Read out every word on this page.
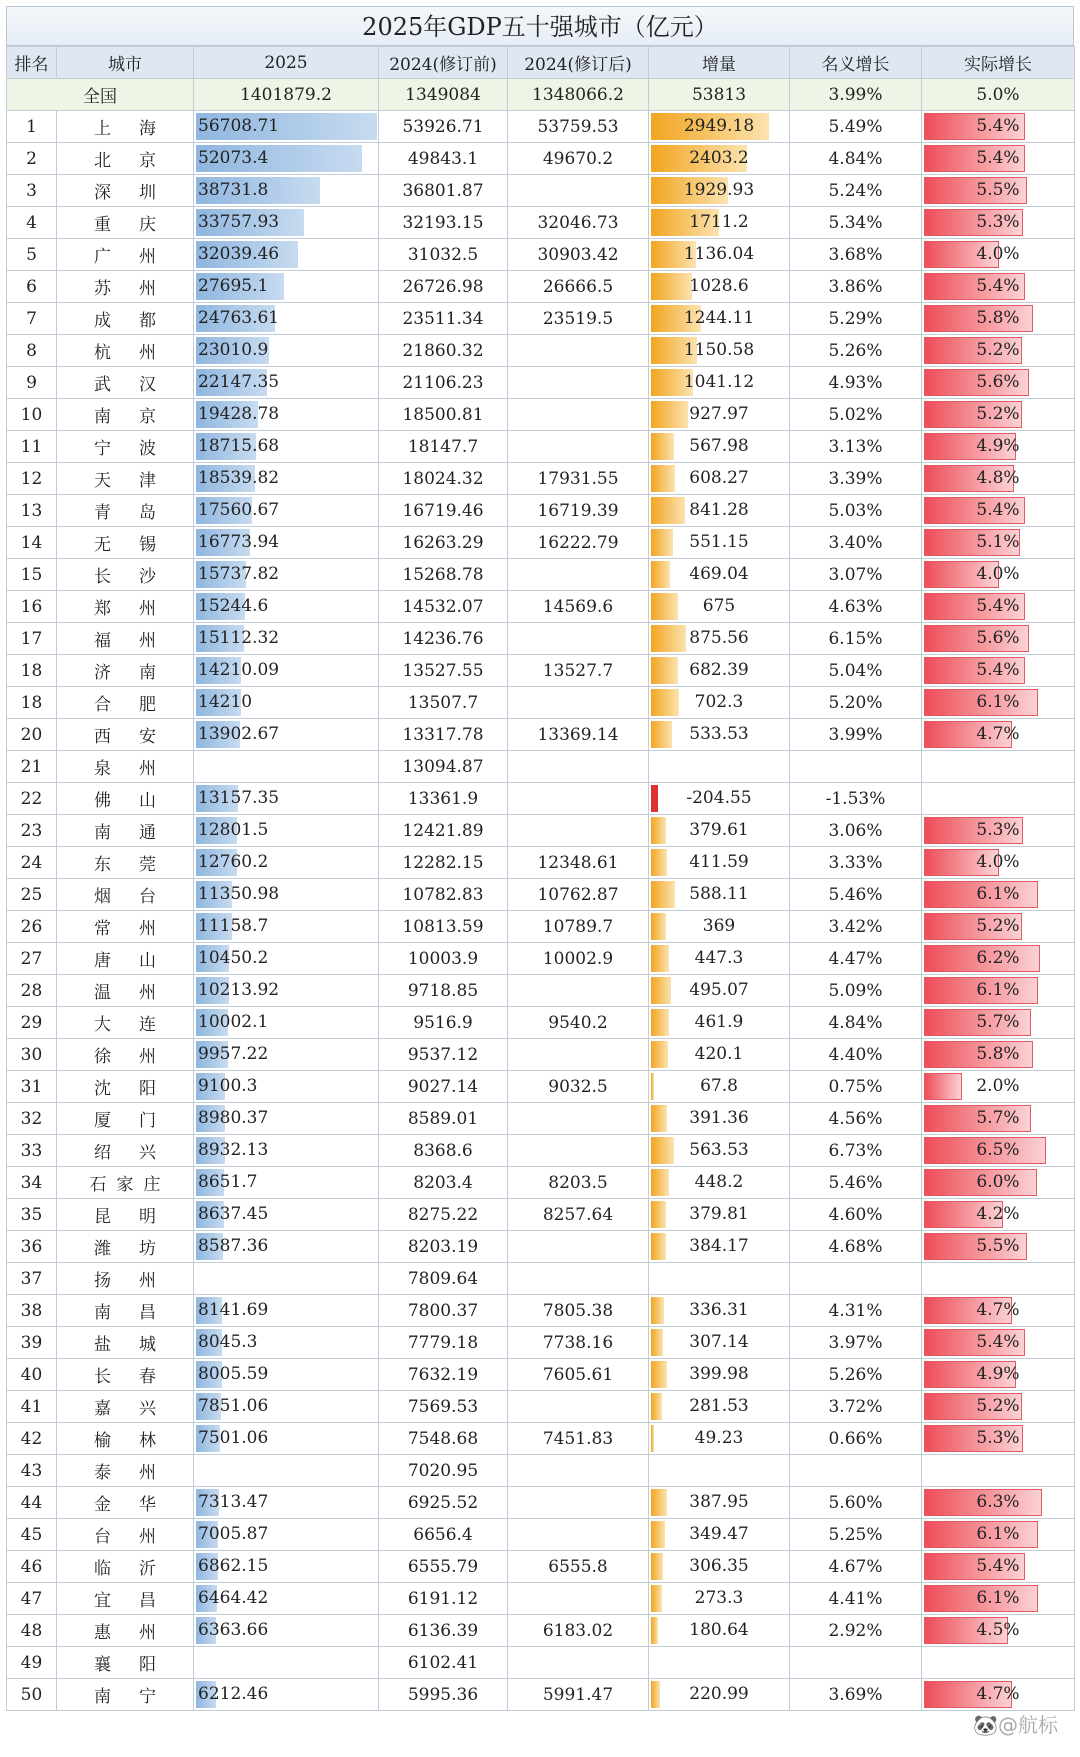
2025年GDP五十强城市（亿元）
排名	城市	2025	2024(修订前)	2024(修订后)	增量	名义增长	实际增长
全国		1401879.2	1349084	1348066.2	53813	3.99%	5.0%
1	上海	56708.71	53926.71	53759.53	2949.18	5.49%	5.4%

2	北京	52073.4	49843.1	49670.2	2403.2	4.84%	5.4%

3	深圳	38731.8	36801.87		1929.93	5.24%	5.5%

4	重庆	33757.93	32193.15	32046.73	1711.2	5.34%	5.3%

5	广州	32039.46	31032.5	30903.42	1136.04	3.68%	4.0%

6	苏州	27695.1	26726.98	26666.5	1028.6	3.86%	5.4%

7	成都	24763.61	23511.34	23519.5	1244.11	5.29%	5.8%

8	杭州	23010.9	21860.32		1150.58	5.26%	5.2%

9	武汉	22147.35	21106.23		1041.12	4.93%	5.6%

10	南京	19428.78	18500.81		927.97	5.02%	5.2%

11	宁波	18715.68	18147.7		567.98	3.13%	4.9%

12	天津	18539.82	18024.32	17931.55	608.27	3.39%	4.8%

13	青岛	17560.67	16719.46	16719.39	841.28	5.03%	5.4%

14	无锡	16773.94	16263.29	16222.79	551.15	3.40%	5.1%

15	长沙	15737.82	15268.78		469.04	3.07%	4.0%

16	郑州	15244.6	14532.07	14569.6	675	4.63%	5.4%

17	福州	15112.32	14236.76		875.56	6.15%	5.6%

18	济南	14210.09	13527.55	13527.7	682.39	5.04%	5.4%

18	合肥	14210	13507.7		702.3	5.20%	6.1%

20	西安	13902.67	13317.78	13369.14	533.53	3.99%	4.7%

21	泉州		13094.87		

22	佛山	13157.35	13361.9		-204.55	-1.53%	

23	南通	12801.5	12421.89		379.61	3.06%	5.3%

24	东莞	12760.2	12282.15	12348.61	411.59	3.33%	4.0%

25	烟台	11350.98	10782.83	10762.87	588.11	5.46%	6.1%

26	常州	11158.7	10813.59	10789.7	369	3.42%	5.2%

27	唐山	10450.2	10003.9	10002.9	447.3	4.47%	6.2%

28	温州	10213.92	9718.85		495.07	5.09%	6.1%

29	大连	10002.1	9516.9	9540.2	461.9	4.84%	5.7%

30	徐州	9957.22	9537.12		420.1	4.40%	5.8%

31	沈阳	9100.3	9027.14	9032.5	67.8	0.75%	2.0%

32	厦门	8980.37	8589.01		391.36	4.56%	5.7%

33	绍兴	8932.13	8368.6		563.53	6.73%	6.5%

34	石家庄	8651.7	8203.4	8203.5	448.2	5.46%	6.0%

35	昆明	8637.45	8275.22	8257.64	379.81	4.60%	4.2%

36	潍坊	8587.36	8203.19		384.17	4.68%	5.5%

37	扬州		7809.64		

38	南昌	8141.69	7800.37	7805.38	336.31	4.31%	4.7%

39	盐城	8045.3	7779.18	7738.16	307.14	3.97%	5.4%

40	长春	8005.59	7632.19	7605.61	399.98	5.26%	4.9%

41	嘉兴	7851.06	7569.53		281.53	3.72%	5.2%

42	榆林	7501.06	7548.68	7451.83	49.23	0.66%	5.3%

43	泰州		7020.95		

44	金华	7313.47	6925.52		387.95	5.60%	6.3%

45	台州	7005.87	6656.4		349.47	5.25%	6.1%

46	临沂	6862.15	6555.79	6555.8	306.35	4.67%	5.4%

47	宜昌	6464.42	6191.12		273.3	4.41%	6.1%

48	惠州	6363.66	6136.39	6183.02	180.64	2.92%	4.5%

49	襄阳		6102.41		

50	南宁	6212.46	5995.36	5991.47	220.99	3.69%	4.7%
🐼@航标
